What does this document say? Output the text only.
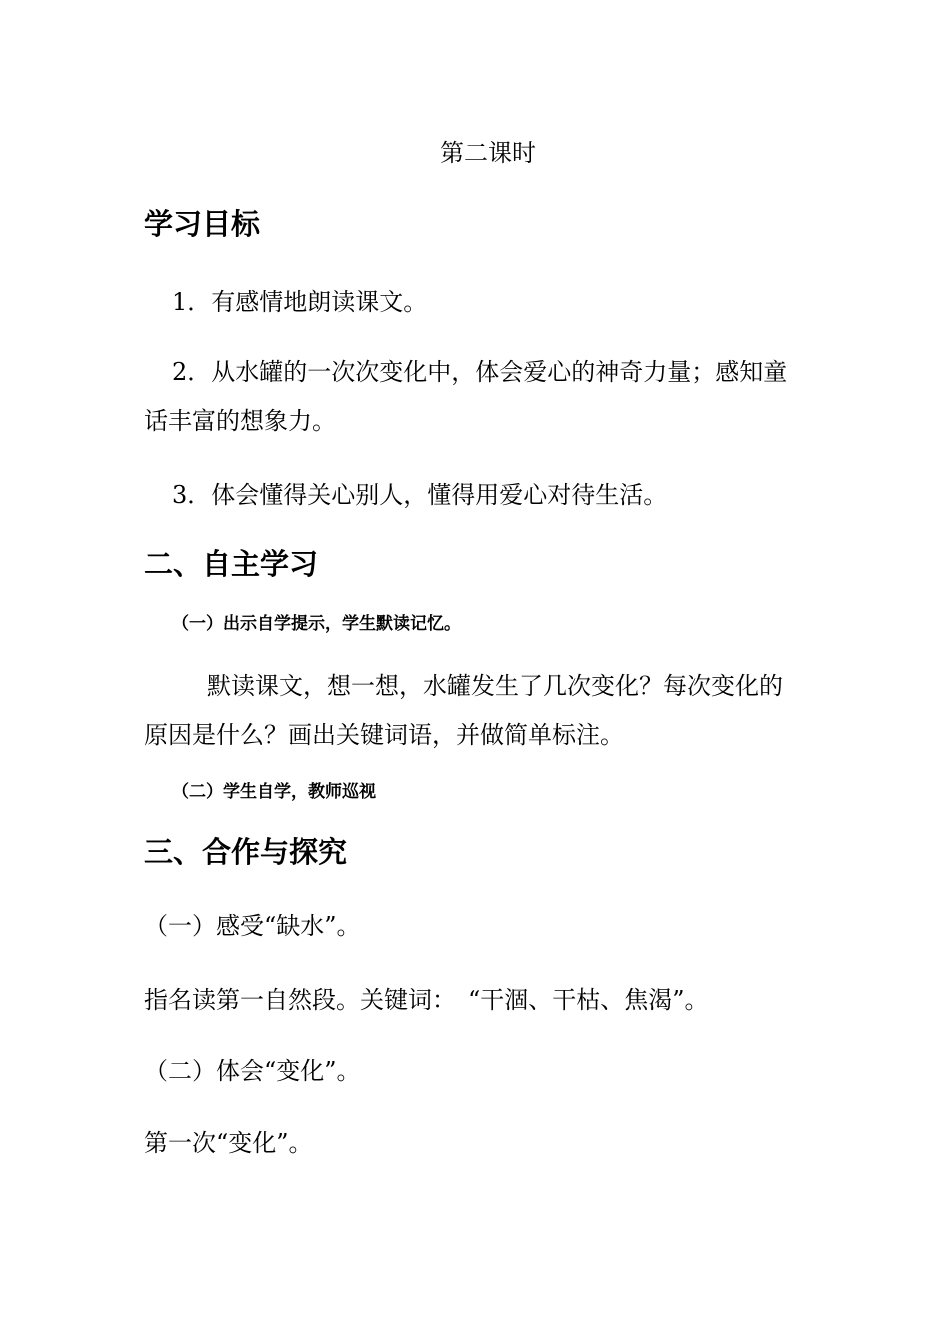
第二课时

学习目标

1．有感情地朗读课文。

2．从水罐的一次次变化中，体会爱心的神奇力量；感知童

话丰富的想象力。

3．体会懂得关心别人，懂得用爱心对待生活。

二、自主学习

（一）出示自学提示，学生默读记忆。

默读课文，想一想，水罐发生了几次变化？每次变化的

原因是什么？画出关键词语，并做简单标注。

（二）学生自学，教师巡视

三、合作与探究

（一）感受“缺水”。

指名读第一自然段。关键词：　“干涸、干枯、焦渴”。

（二）体会“变化”。

第一次“变化”。
